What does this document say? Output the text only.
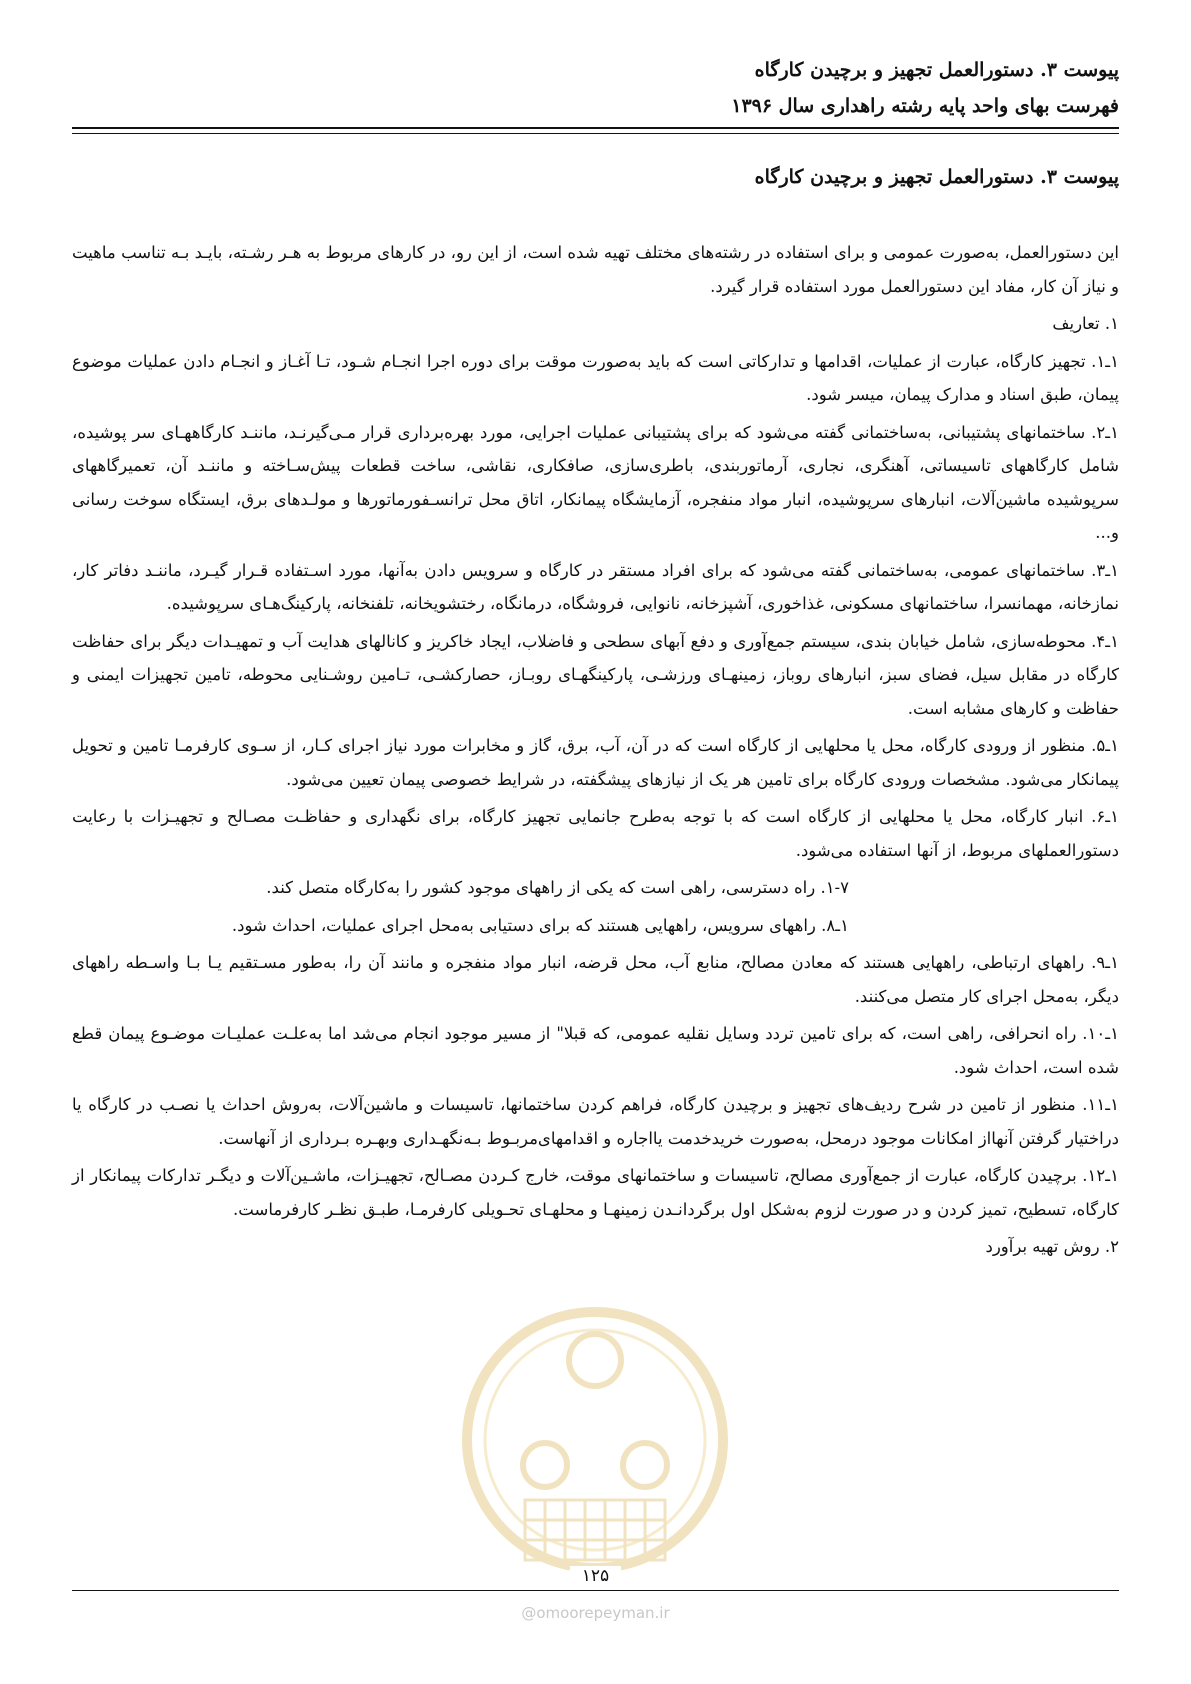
پیوست ۳. دستورالعمل تجهیز و برچیدن کارگاه
فهرست بهای واحد پایه رشته راهداری سال ۱۳۹۶
پیوست ۳. دستورالعمل تجهیز و برچیدن کارگاه

این دستورالعمل، به‌صورت عمومی و برای استفاده در رشته‌های مختلف تهیه شده است، از این رو، در کارهای مربوط به هـر رشـته، بایـد بـه تناسب ماهیت و نیاز آن کار، مفاد این دستورالعمل مورد استفاده قرار گیرد.

۱. تعاریف

۱ـ۱. تجهیز کارگاه، عبارت از عملیات، اقدامها و تدارکاتی است که باید به‌صورت موقت برای دوره اجرا انجـام شـود، تـا آغـاز و انجـام دادن عملیات موضوع پیمان، طبق اسناد و مدارک پیمان، میسر شود.

۱ـ۲. ساختمانهای پشتیبانی، به‌ساختمانی گفته می‌شود که برای پشتیبانی عملیات اجرایی، مورد بهره‌برداری قرار مـی‌گیرنـد، ماننـد کارگاههـای سر پوشیده، شامل کارگاههای تاسیساتی، آهنگری، نجاری، آرماتوربندی، باطری‌سازی، صافکاری، نقاشی، ساخت قطعات پیش‌سـاخته و ماننـد آن، تعمیرگاههای سرپوشیده ماشین‌آلات، انبارهای سرپوشیده، انبار مواد منفجره، آزمایشگاه پیمانکار، اتاق محل ترانسـفورماتورها و مولـدهای برق، ایستگاه سوخت رسانی و...

۱ـ۳. ساختمانهای عمومی، به‌ساختمانی گفته می‌شود که برای افراد مستقر در کارگاه و سرویس دادن به‌آنها، مورد اسـتفاده قـرار گیـرد، ماننـد دفاتر کار، نمازخانه، مهمانسرا، ساختمانهای مسکونی، غذاخوری، آشپزخانه، نانوایی، فروشگاه، درمانگاه، رختشویخانه، تلفنخانه، پارکینگ‌هـای سرپوشیده.

۱ـ۴. محوطه‌سازی، شامل خیابان بندی، سیستم جمع‌آوری و دفع آبهای سطحی و فاضلاب، ایجاد خاکریز و کانالهای هدایت آب و تمهیـدات دیگر برای حفاظت کارگاه در مقابل سیل، فضای سبز، انبارهای روباز، زمینهـای ورزشـی، پارکینگهـای روبـاز، حصارکشـی، تـامین روشـنایی محوطه، تامین تجهیزات ایمنی و حفاظت و کارهای مشابه است.

۱ـ۵. منظور از ورودی کارگاه، محل یا محلهایی از کارگاه است که در آن، آب، برق، گاز و مخابرات مورد نیاز اجرای کـار، از سـوی کارفرمـا تامین و تحویل پیمانکار می‌شود. مشخصات ورودی کارگاه برای تامین هر یک از نیازهای پیشگفته، در شرایط خصوصی پیمان تعیین می‌شود.

۱ـ۶. انبار کارگاه، محل یا محلهایی از کارگاه است که با توجه به‌طرح جانمایی تجهیز کارگاه، برای نگهداری و حفاظـت مصـالح و تجهیـزات با رعایت دستورالعملهای مربوط، از آنها استفاده می‌شود.

۱-۷. راه دسترسی، راهی است که یکی از راههای موجود کشور را به‌کارگاه متصل کند.

۱ـ۸. راههای سرویس، راههایی هستند که برای دستیابی به‌محل اجرای عملیات، احداث شود.

۱ـ۹. راههای ارتباطی، راههایی هستند که معادن مصالح، منابع آب، محل قرضه، انبار مواد منفجره و مانند آن را، به‌طور مسـتقیم یـا بـا واسـطه راههای دیگر، به‌محل اجرای کار متصل می‌کنند.

۱ـ۱۰. راه انحرافی، راهی است، که برای تامین تردد وسایل نقلیه عمومی، که قبلا" از مسیر موجود انجام می‌شد اما به‌علـت عملیـات موضـوع پیمان قطع شده است، احداث شود.

۱ـ۱۱. منظور از تامین در شرح ردیف‌های تجهیز و برچیدن کارگاه، فراهم کردن ساختمانها، تاسیسات و ماشین‌آلات، به‌روش احداث یا نصـب در کارگاه یا دراختیار گرفتن آنهااز امکانات موجود درمحل، به‌صورت خریدخدمت یااجاره و اقدامهای‌مربـوط بـه‌نگهـداری وبهـره بـرداری از آنهاست.

۱ـ۱۲. برچیدن کارگاه، عبارت از جمع‌آوری مصالح، تاسیسات و ساختمانهای موقت، خارج کـردن مصـالح، تجهیـزات، ماشـین‌آلات و دیگـر تدارکات پیمانکار از کارگاه، تسطیح، تمیز کردن و در صورت لزوم به‌شکل اول برگردانـدن زمینهـا و محلهـای تحـویلی کارفرمـا، طبـق نظـر کارفرماست.

۲. روش تهیه برآورد

۱۲۵
@omoorepeyman.ir
